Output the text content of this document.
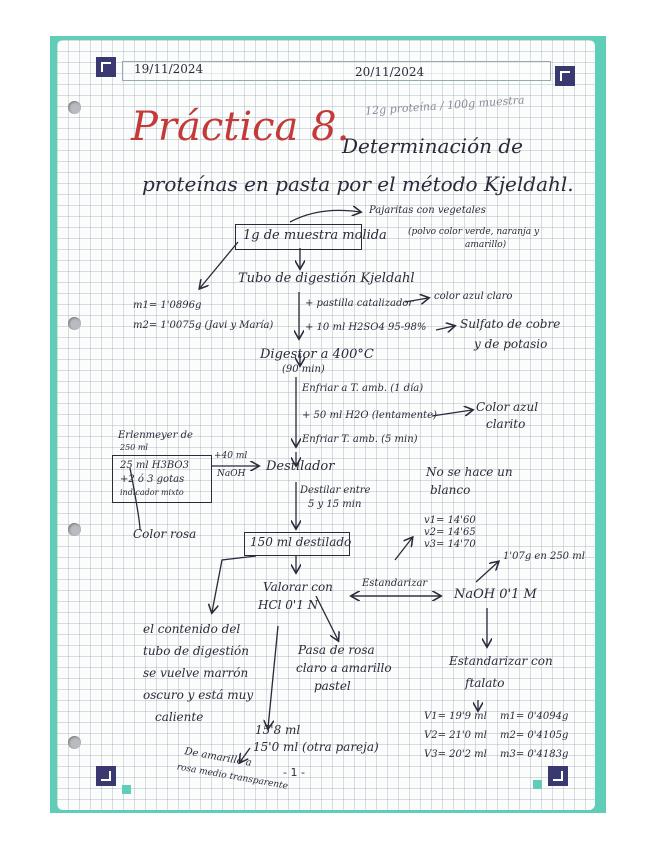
19/11/2024	20/11/2024
12g proteína / 100g muestra
Práctica 8.
Determinación de
proteínas en pasta por el método Kjeldahl.
1g de muestra molida
Pajaritas con vegetales
(polvo color verde, naranja y
amarillo)
Tubo de digestión Kjeldahl
m1= 1'0896g
m2= 1'0075g (Javi y María)
+ pastilla catalizador
color azul claro
+ 10 ml H2SO4 95-98%	Sulfato de cobre
y de potasio
Digestor a 400°C
(90 min)
Enfriar a T. amb. (1 día)
+ 50 ml H2O (lentamente)
Color azul
clarito
Enfriar T. amb. (5 min)
Erlenmeyer de
250 ml
25 ml H3BO3
+2 ó 3 gotas
indicador mixto
+40 ml
NaOH Destilador
Destilar entre
5 y 15 min
Color rosa
No se hace un
blanco
v1= 14'60
v2= 14'65
v3= 14'70
150 ml destilado
1'07g en 250 ml
Valorar con
HCl 0'1 N
Estandarizar
NaOH 0'1 M
el contenido del
tubo de digestión
se vuelve marrón
oscuro y está muy
caliente
Pasa de rosa
claro a amarillo
pastel
Estandarizar con
ftalato
V1= 19'9 ml
V2= 21'0 ml
V3= 20'2 ml
m1= 0'4094g
m2= 0'4105g
m3= 0'4183g
15'8 ml
15'0 ml (otra pareja)
De amarillo a
rosa medio transparente
- 1 -
